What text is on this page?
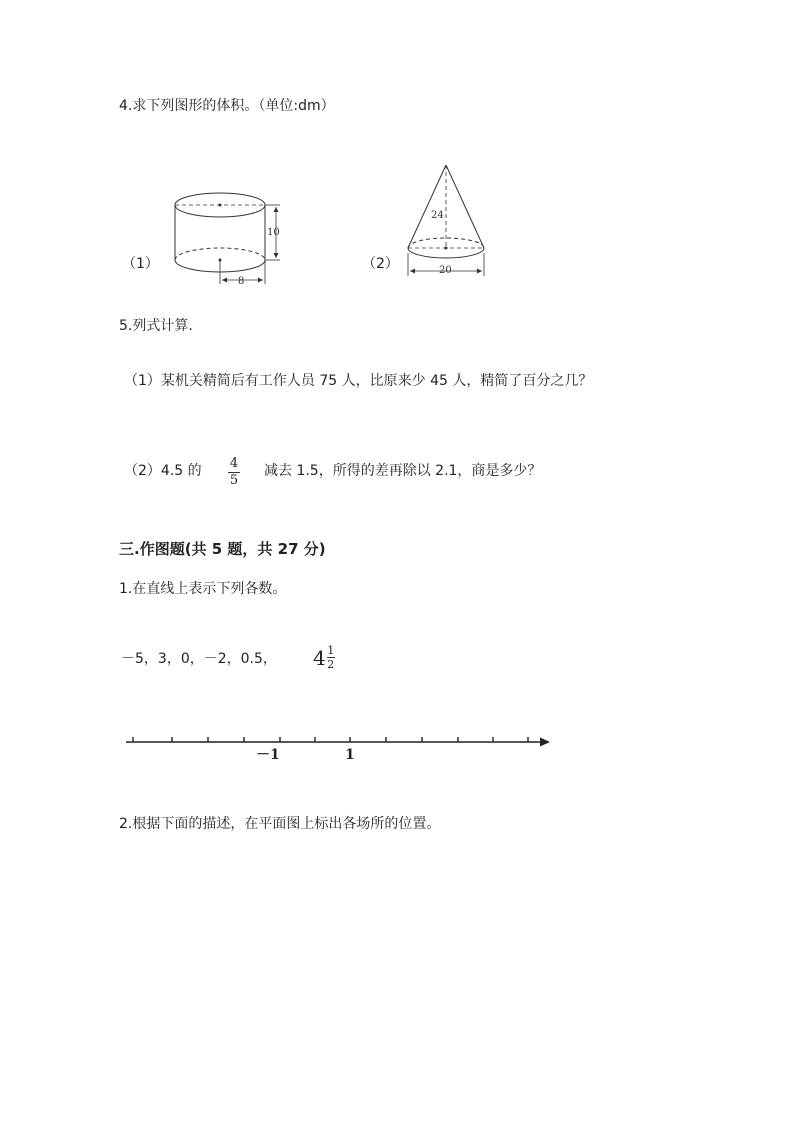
4.求下列图形的体积。（单位:dm）
（1）
10
8
（2）
24
20
5.列式计算.
（1）某机关精简后有工作人员 75 人，比原来少 45 人，精简了百分之几？
（2）4.5 的 4
5
减去 1.5，所得的差再除以 2.1，商是多少？
三.作图题(共 5 题，共 27 分)
1.在直线上表示下列各数。
－5，3，0，－2，0.5， 4 1
2
－1	1
2.根据下面的描述，在平面图上标出各场所的位置。
